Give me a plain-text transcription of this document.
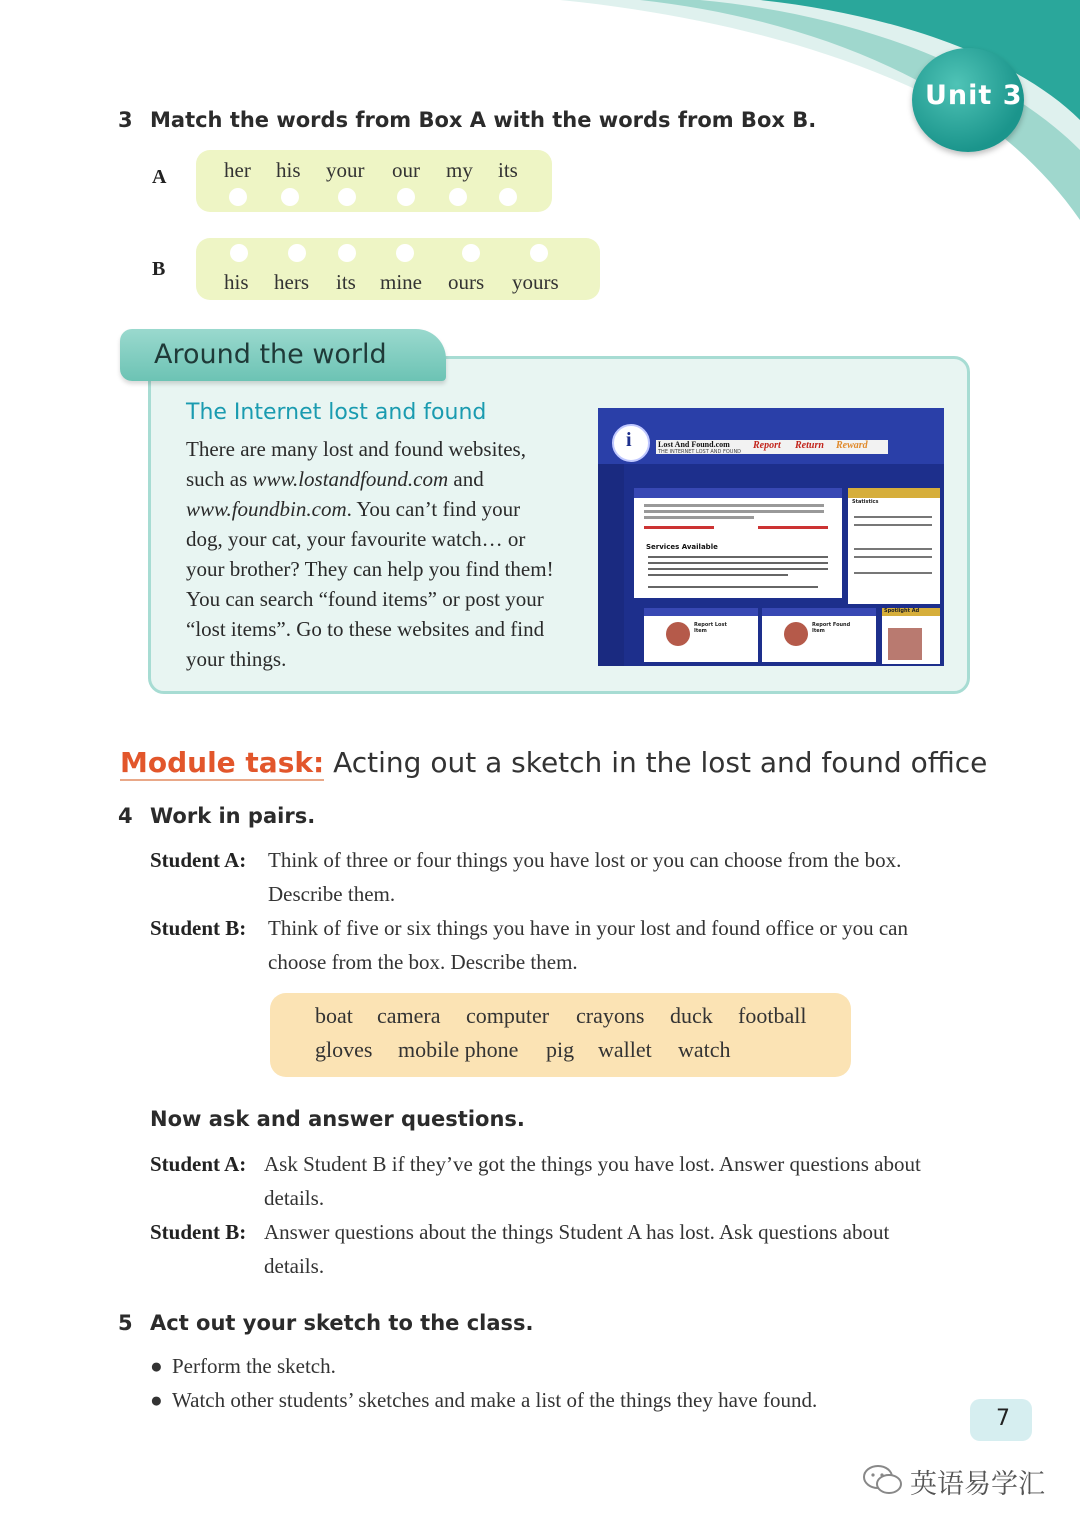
Unit 3
3 Match the words from Box A with the words from Box B.
A	her his your our my its
B
his hers its mine ours yours
Around the world
The Internet lost and found
There are many lost and found websites,
such as www.lostandfound.com and
www.foundbin.com. You can’t find your
dog, your cat, your favourite watch… or
your brother? They can help you find them!
You can search “found items” or post your
“lost items”. Go to these websites and find
your things.
i	Lost And Found.com Report Return Reward
THE INTERNET LOST AND FOUND
Services Available
Statistics
Report Lost Item
Report Found Item
Spotlight Ad
Module task: Acting out a sketch in the lost and found office
4 Work in pairs.
Student A: Think of three or four things you have lost or you can choose from the box.
Describe them.
Student B: Think of five or six things you have in your lost and found office or you can
choose from the box. Describe them.
boat camera computer crayons duck football
gloves mobile phone pig wallet watch
Now ask and answer questions.
Student A: Ask Student B if they’ve got the things you have lost. Answer questions about
details.
Student B: Answer questions about the things Student A has lost. Ask questions about
details.
5 Act out your sketch to the class.
● Perform the sketch.
● Watch other students’ sketches and make a list of the things they have found.
7
英语易学汇
